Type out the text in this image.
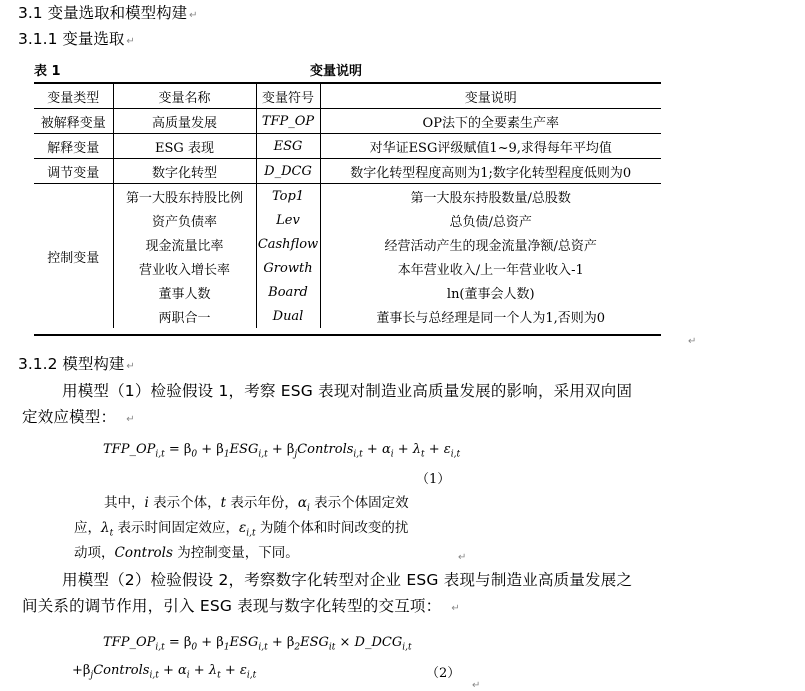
3.1 变量选取和模型构建 ↵
3.1.1 变量选取 ↵
表 1	变量说明
变量类型	变量名称	变量符号	变量说明
被解释变量	高质量发展	TFP_OP	OP法下的全要素生产率
解释变量	ESG 表现	ESG	对华证ESG评级赋值1~9,求得每年平均值
调节变量	数字化转型	D_DCG	数字化转型程度高则为1;数字化转型程度低则为0
控制变量	第一大股东持股比例	Top1	第一大股东持股数量/总股数
	资产负债率	Lev	总负债/总资产
	现金流量比率	Cashflow	经营活动产生的现金流量净额/总资产
	营业收入增长率	Growth	本年营业收入/上一年营业收入-1
	董事人数	Board	ln(董事会人数)
	两职合一	Dual	董事长与总经理是同一个人为1,否则为0
↵
3.1.2 模型构建 ↵
用模型（1）检验假设 1，考察 ESG 表现对制造业高质量发展的影响，采用双向固
定效应模型： ↵
$TFP\_OP_{i,t} = \beta_0 + \beta_1ESG_{i,t}$ + $\beta_jControls_{i,t} + \alpha_i + \lambda_t + \varepsilon_{i,t}$
（1）
其中，i 表示个体，t 表示年份，$\alpha_i$ 表示个体固定效
应，$\lambda_t$ 表示时间固定效应，$\varepsilon_{i,t}$ 为随个体和时间改变的扰
动项，Controls 为控制变量，下同。	↵
用模型（2）检验假设 2，考察数字化转型对企业 ESG 表现与制造业高质量发展之
间关系的调节作用，引入 ESG 表现与数字化转型的交互项： ↵
$TFP\_OP_{i,t} = \beta_0 + \beta_1ESG_{i,t} + \beta_2ESG_{it}$ × $D\_DCG_{i,t}$
$+\beta_jControls_{i,t} + \alpha_i + \lambda_t + \varepsilon_{i,t}$	（2）
↵
